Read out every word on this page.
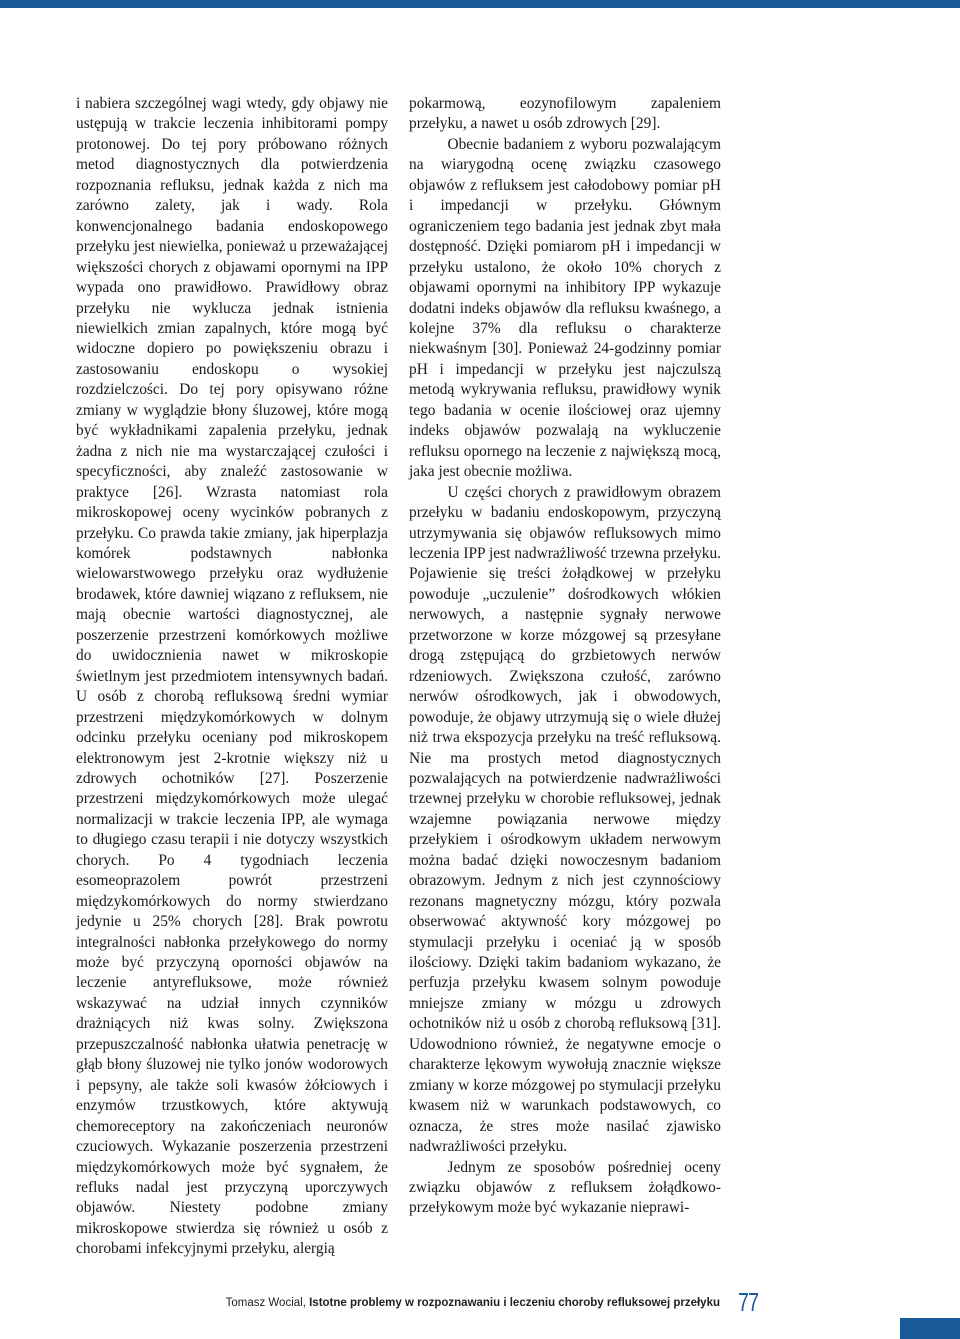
i nabiera szczególnej wagi wtedy, gdy objawy nie ustępują w trakcie leczenia inhibitorami pompy protonowej. Do tej pory próbowano różnych metod diagnostycznych dla potwierdzenia rozpoznania refluksu, jednak każda z nich ma zarówno zalety, jak i wady. Rola konwencjonalnego badania endoskopowego przełyku jest niewielka, ponieważ u przeważającej większości chorych z objawami opornymi na IPP wypada ono prawidłowo. Prawidłowy obraz przełyku nie wyklucza jednak istnienia niewielkich zmian zapalnych, które mogą być widoczne dopiero po powiększeniu obrazu i zastosowaniu endoskopu o wysokiej rozdzielczości. Do tej pory opisywano różne zmiany w wyglądzie błony śluzowej, które mogą być wykładnikami zapalenia przełyku, jednak żadna z nich nie ma wystarczającej czułości i specyficzności, aby znaleźć zastosowanie w praktyce [26]. Wzrasta natomiast rola mikroskopowej oceny wycinków pobranych z przełyku. Co prawda takie zmiany, jak hiperplazja komórek podstawnych nabłonka wielowarstwowego przełyku oraz wydłużenie brodawek, które dawniej wiązano z refluksem, nie mają obecnie wartości diagnostycznej, ale poszerzenie przestrzeni komórkowych możliwe do uwidocznienia nawet w mikroskopie świetlnym jest przedmiotem intensywnych badań. U osób z chorobą refluksową średni wymiar przestrzeni międzykomórkowych w dolnym odcinku przełyku oceniany pod mikroskopem elektronowym jest 2-krotnie większy niż u zdrowych ochotników [27]. Poszerzenie przestrzeni międzykomórkowych może ulegać normalizacji w trakcie leczenia IPP, ale wymaga to długiego czasu terapii i nie dotyczy wszystkich chorych. Po 4 tygodniach leczenia esomeoprazolem powrót przestrzeni międzykomórkowych do normy stwierdzano jedynie u 25% chorych [28]. Brak powrotu integralności nabłonka przełykowego do normy może być przyczyną oporności objawów na leczenie antyrefluksowe, może również wskazywać na udział innych czynników drażniących niż kwas solny. Zwiększona przepuszczalność nabłonka ułatwia penetrację w głąb błony śluzowej nie tylko jonów wodorowych i pepsyny, ale także soli kwasów żółciowych i enzymów trzustkowych, które aktywują chemoreceptory na zakończeniach neuronów czuciowych. Wykazanie poszerzenia przestrzeni międzykomórkowych może być sygnałem, że refluks nadal jest przyczyną uporczywych objawów. Niestety podobne zmiany mikroskopowe stwierdza się również u osób z chorobami infekcyjnymi przełyku, alergią

pokarmową, eozynofilowym zapaleniem przełyku, a nawet u osób zdrowych [29].

Obecnie badaniem z wyboru pozwalającym na wiarygodną ocenę związku czasowego objawów z refluksem jest całodobowy pomiar pH i impedancji w przełyku. Głównym ograniczeniem tego badania jest jednak zbyt mała dostępność. Dzięki pomiarom pH i impedancji w przełyku ustalono, że około 10% chorych z objawami opornymi na inhibitory IPP wykazuje dodatni indeks objawów dla refluksu kwaśnego, a kolejne 37% dla refluksu o charakterze niekwaśnym [30]. Ponieważ 24-godzinny pomiar pH i impedancji w przełyku jest najczulszą metodą wykrywania refluksu, prawidłowy wynik tego badania w ocenie ilościowej oraz ujemny indeks objawów pozwalają na wykluczenie refluksu opornego na leczenie z największą mocą, jaka jest obecnie możliwa.

U części chorych z prawidłowym obrazem przełyku w badaniu endoskopowym, przyczyną utrzymywania się objawów refluksowych mimo leczenia IPP jest nadwrażliwość trzewna przełyku. Pojawienie się treści żołądkowej w przełyku powoduje „uczulenie” dośrodkowych włókien nerwowych, a następnie sygnały nerwowe przetworzone w korze mózgowej są przesyłane drogą zstępującą do grzbietowych nerwów rdzeniowych. Zwiększona czułość, zarówno nerwów ośrodkowych, jak i obwodowych, powoduje, że objawy utrzymują się o wiele dłużej niż trwa ekspozycja przełyku na treść refluksową. Nie ma prostych metod diagnostycznych pozwalających na potwierdzenie nadwrażliwości trzewnej przełyku w chorobie refluksowej, jednak wzajemne powiązania nerwowe między przełykiem i ośrodkowym układem nerwowym można badać dzięki nowoczesnym badaniom obrazowym. Jednym z nich jest czynnościowy rezonans magnetyczny mózgu, który pozwala obserwować aktywność kory mózgowej po stymulacji przełyku i oceniać ją w sposób ilościowy. Dzięki takim badaniom wykazano, że perfuzja przełyku kwasem solnym powoduje mniejsze zmiany w mózgu u zdrowych ochotników niż u osób z chorobą refluksową [31]. Udowodniono również, że negatywne emocje o charakterze lękowym wywołują znacznie większe zmiany w korze mózgowej po stymulacji przełyku kwasem niż w warunkach podstawowych, co oznacza, że stres może nasilać zjawisko nadwrażliwości przełyku.

Jednym ze sposobów pośredniej oceny związku objawów z refluksem żołądkowo-przełykowym może być wykazanie nieprawi-

Tomasz Wocial, Istotne problemy w rozpoznawaniu i leczeniu choroby refluksowej przełyku 77
